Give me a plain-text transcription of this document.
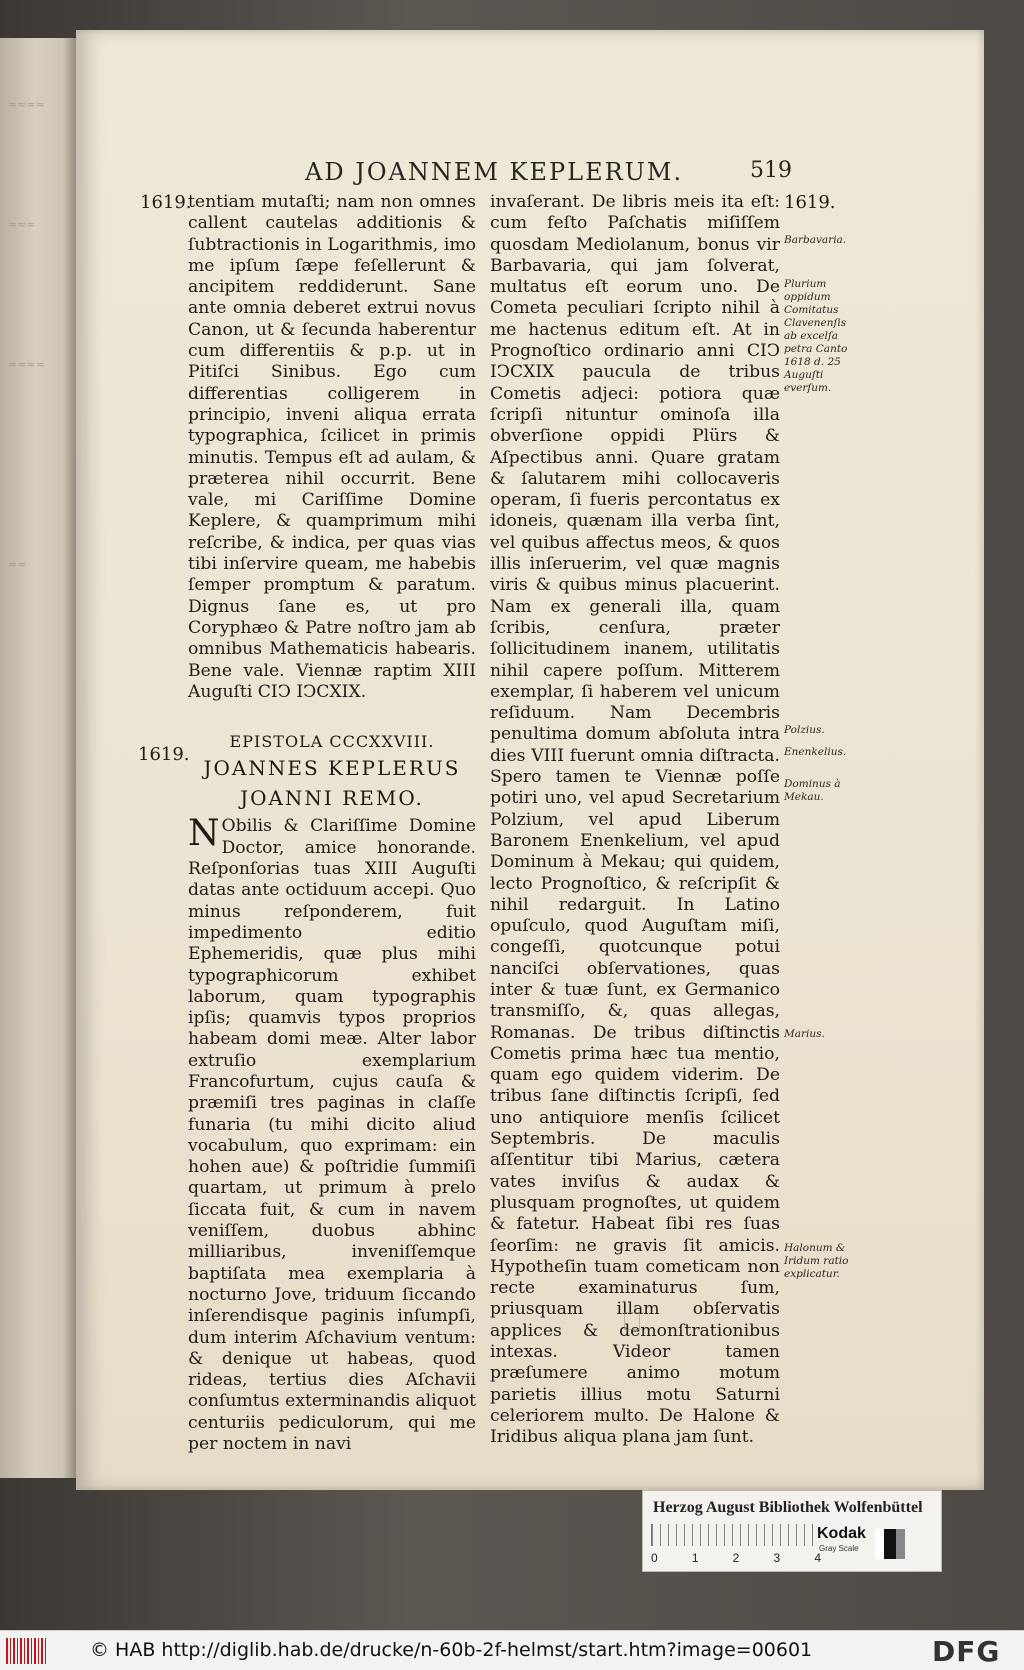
≈≈≈≈
≈≈≈
≈≈≈≈
≈≈
AD JOANNEM KEPLERUM.	519
1619.

tentiam mutaſti; nam non omnes callent cautelas additionis & ſubtractionis in Logarithmis, imo me ipſum ſæpe feſellerunt & ancipitem reddiderunt. Sane ante omnia deberet extrui novus Canon, ut & ſecunda haberentur cum differentiis & p.p. ut in Pitiſci Sinibus. Ego cum differentias colligerem in principio, inveni aliqua errata typographica, ſcilicet in primis minutis. Tempus eſt ad aulam, & præterea nihil occurrit. Bene vale, mi Cariſſime Domine Keplere, & quamprimum mihi reſcribe, & indica, per quas vias tibi inſervire queam, me habebis ſemper promptum & paratum. Dignus ſane es, ut pro Coryphæo & Patre noſtro jam ab omnibus Mathematicis habearis. Bene vale. Viennæ raptim XIII Auguſti CIↃ IↃCXIX.

EPISTOLA CCCXXVIII.
JOANNES KEPLERUS
JOANNI REMO.

N Obilis & Clariſſime Domine Doctor, amice honorande. Reſponſorias tuas XIII Auguſti datas ante octiduum accepi. Quo minus reſponderem, fuit impedimento editio Ephemeridis, quæ plus mihi typographicorum exhibet laborum, quam typographis ipſis; quamvis typos proprios habeam domi meæ. Alter labor extruſio exemplarium Francofurtum, cujus cauſa & præmiſi tres paginas in claſſe funaria (tu mihi dicito aliud vocabulum, quo exprimam: ein hohen aue) & poſtridie ſummiſi quartam, ut primum à prelo ſiccata fuit, & cum in navem veniſſem, duobus abhinc milliaribus, inveniſſemque baptiſata mea exemplaria à nocturno Jove, triduum ſiccando inſerendisque paginis inſumpſi, dum interim Aſchavium ventum: & denique ut habeas, quod rideas, tertius dies Aſchavii conſumtus exterminandis aliquot centuriis pediculorum, qui me per noctem in navi

1619.

invaſerant. De libris meis ita eſt: cum feſto Paſchatis miſiſſem quosdam Mediolanum, bonus vir Barbavaria, qui jam ſolverat, multatus eſt eorum uno. De Cometa peculiari ſcripto nihil à me hactenus editum eſt. At in Prognoſtico ordinario anni CIↃ IↃCXIX paucula de tribus Cometis adjeci: potiora quæ ſcripſi nituntur ominoſa illa obverſione oppidi Plürs & Aſpectibus anni. Quare gratam & ſalutarem mihi collocaveris operam, ſi fueris percontatus ex idoneis, quænam illa verba ſint, vel quibus affectus meos, & quos illis inſeruerim, vel quæ magnis viris & quibus minus placuerint. Nam ex generali illa, quam ſcribis, cenſura, præter ſollicitudinem inanem, utilitatis nihil capere poſſum. Mitterem exemplar, ſi haberem vel unicum reſiduum. Nam Decembris penultima domum abſoluta intra dies VIII fuerunt omnia diſtracta. Spero tamen te Viennæ poſſe potiri uno, vel apud Secretarium Polzium, vel apud Liberum Baronem Enenkelium, vel apud Dominum à Mekau; qui quidem, lecto Prognoſtico, & reſcripſit & nihil redarguit. In Latino opuſculo, quod Auguſtam miſi, congeſſi, quotcunque potui nanciſci obſervationes, quas inter & tuæ ſunt, ex Germanico transmiſſo, &, quas allegas, Romanas. De tribus diſtinctis Cometis prima hæc tua mentio, quam ego quidem viderim. De tribus ſane diſtinctis ſcripſi, ſed uno antiquiore menſis ſcilicet Septembris. De maculis aſſentitur tibi Marius, cætera vates inviſus & audax & plusquam prognoſtes, ut quidem & fatetur. Habeat ſibi res ſuas ſeorſim: ne gravis ſit amicis. Hypotheſin tuam cometicam non recte examinaturus ſum, priusquam illam obſervatis applices & demonſtrationibus intexas. Videor tamen præſumere animo motum parietis illius motu Saturni celeriorem multo. De Halone & Iridibus aliqua plana jam ſunt.

1619.
Barbavaria.
Plurium oppidum Comitatus Clavenenſis ab excelſa petra Canto 1618 d. 25 Auguſti everſum.
Polzius.
Enenkelius.
Dominus à Mekau.
Marius.
Halonum & Iridum ratio explicatur.
Herzog August Bibliothek Wolfenbüttel
0	1	2	3	4
Kodak
Gray Scale
© HAB http://diglib.hab.de/drucke/n-60b-2f-helmst/start.htm?image=00601	DFG
